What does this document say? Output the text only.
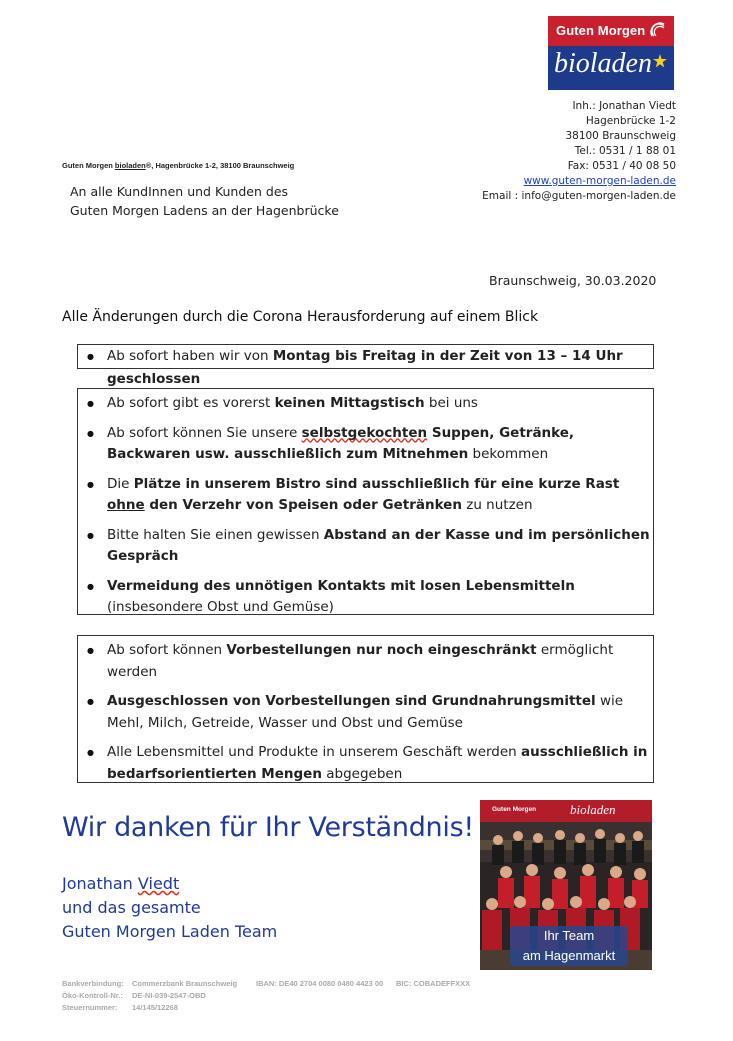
Guten Morgen
bioladen
Inh.: Jonathan Viedt
Hagenbrücke 1-2
38100 Braunschweig
Tel.: 0531 / 1 88 01
Fax: 0531 / 40 08 50
www.guten-morgen-laden.de
Email : info@guten-morgen-laden.de
Guten Morgen bioladen®, Hagenbrücke 1-2, 38100 Braunschweig
An alle KundInnen und Kunden des
Guten Morgen Ladens an der Hagenbrücke
Braunschweig, 30.03.2020
Alle Änderungen durch die Corona Herausforderung auf einem Blick
● Ab sofort haben wir von Montag bis Freitag in der Zeit von 13 – 14 Uhr geschlossen
● Ab sofort gibt es vorerst keinen Mittagstisch bei uns
● Ab sofort können Sie unsere selbstgekochten Suppen, Getränke, Backwaren usw. ausschließlich zum Mitnehmen bekommen
● Die Plätze in unserem Bistro sind ausschließlich für eine kurze Rast ohne den Verzehr von Speisen oder Getränken zu nutzen
● Bitte halten Sie einen gewissen Abstand an der Kasse und im persönlichen Gespräch
● Vermeidung des unnötigen Kontakts mit losen Lebensmitteln (insbesondere Obst und Gemüse)
● Ab sofort können Vorbestellungen nur noch eingeschränkt ermöglicht werden
● Ausgeschlossen von Vorbestellungen sind Grundnahrungsmittel wie Mehl, Milch, Getreide, Wasser und Obst und Gemüse
● Alle Lebensmittel und Produkte in unserem Geschäft werden ausschließlich in bedarfsorientierten Mengen abgegeben
Wir danken für Ihr Verständnis!
Jonathan Viedt
und das gesamte
Guten Morgen Laden Team
Guten Morgen	bioladen
Ihr Team
am Hagenmarkt
Bankverbindung: Commerzbank Braunschweig	IBAN: DE40 2704 0080 0480 4423 00 BIC: COBADEFFXXX
Öko-Kontroll-Nr.: DE-NI-039-2547-OBD
Steuernummer: 14/145/12268
